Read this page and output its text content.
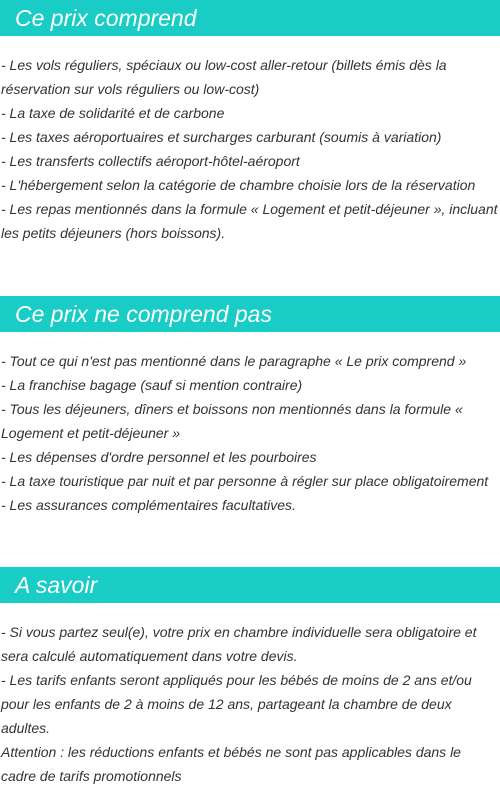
Ce prix comprend
- Les vols réguliers, spéciaux ou low-cost aller-retour (billets émis dès la réservation sur vols réguliers ou low-cost)
- La taxe de solidarité et de carbone
- Les taxes aéroportuaires et surcharges carburant (soumis à variation)
- Les transferts collectifs aéroport-hôtel-aéroport
- L'hébergement selon la catégorie de chambre choisie lors de la réservation
- Les repas mentionnés dans la formule « Logement et petit-déjeuner », incluant les petits déjeuners (hors boissons).
Ce prix ne comprend pas
- Tout ce qui n'est pas mentionné dans le paragraphe « Le prix comprend »
- La franchise bagage (sauf si mention contraire)
- Tous les déjeuners, dîners et boissons non mentionnés dans la formule « Logement et petit-déjeuner »
- Les dépenses d'ordre personnel et les pourboires
- La taxe touristique par nuit et par personne à régler sur place obligatoirement
- Les assurances complémentaires facultatives.
A savoir
- Si vous partez seul(e), votre prix en chambre individuelle sera obligatoire et sera calculé automatiquement dans votre devis.
- Les tarifs enfants seront appliqués pour les bébés de moins de 2 ans et/ou pour les enfants de 2 à moins de 12 ans, partageant la chambre de deux adultes.
Attention : les réductions enfants et bébés ne sont pas applicables dans le cadre de tarifs promotionnels
